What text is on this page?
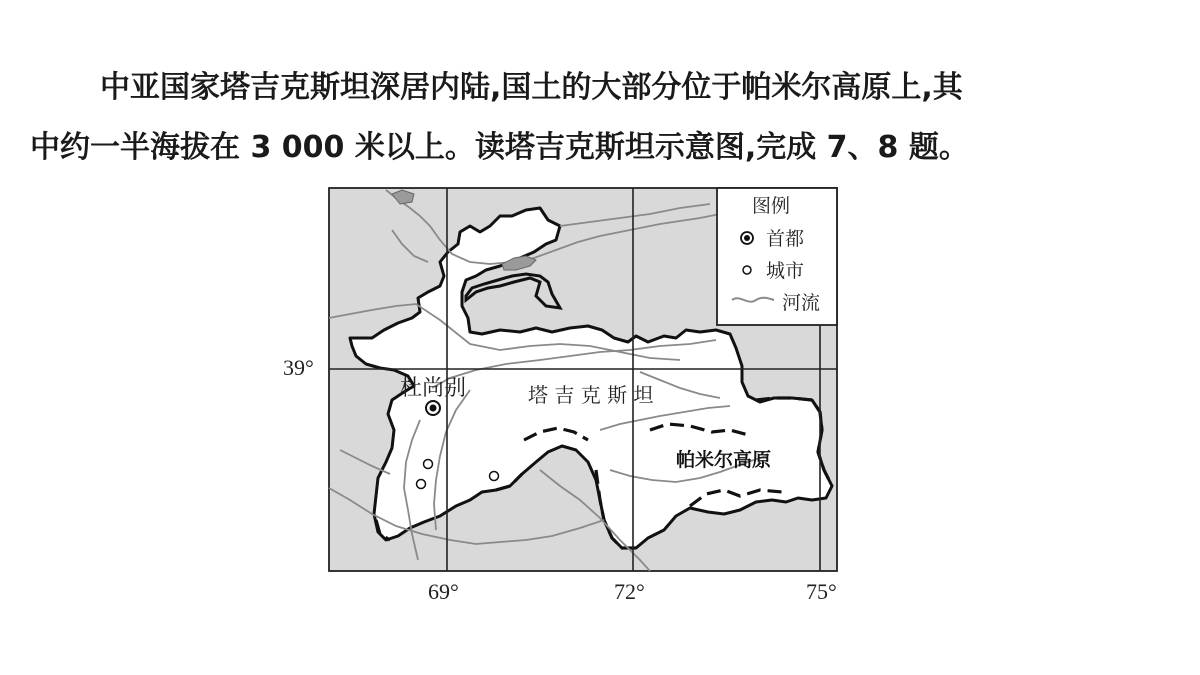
中亚国家塔吉克斯坦深居内陆,国土的大部分位于帕米尔高原上,其

中约一半海拔在 3 000 米以上。读塔吉克斯坦示意图,完成 7、8 题。

图例
首都
城市
河流
杜尚别	塔 吉 克 斯 坦
帕米尔高原
39°
69°	72°	75°
